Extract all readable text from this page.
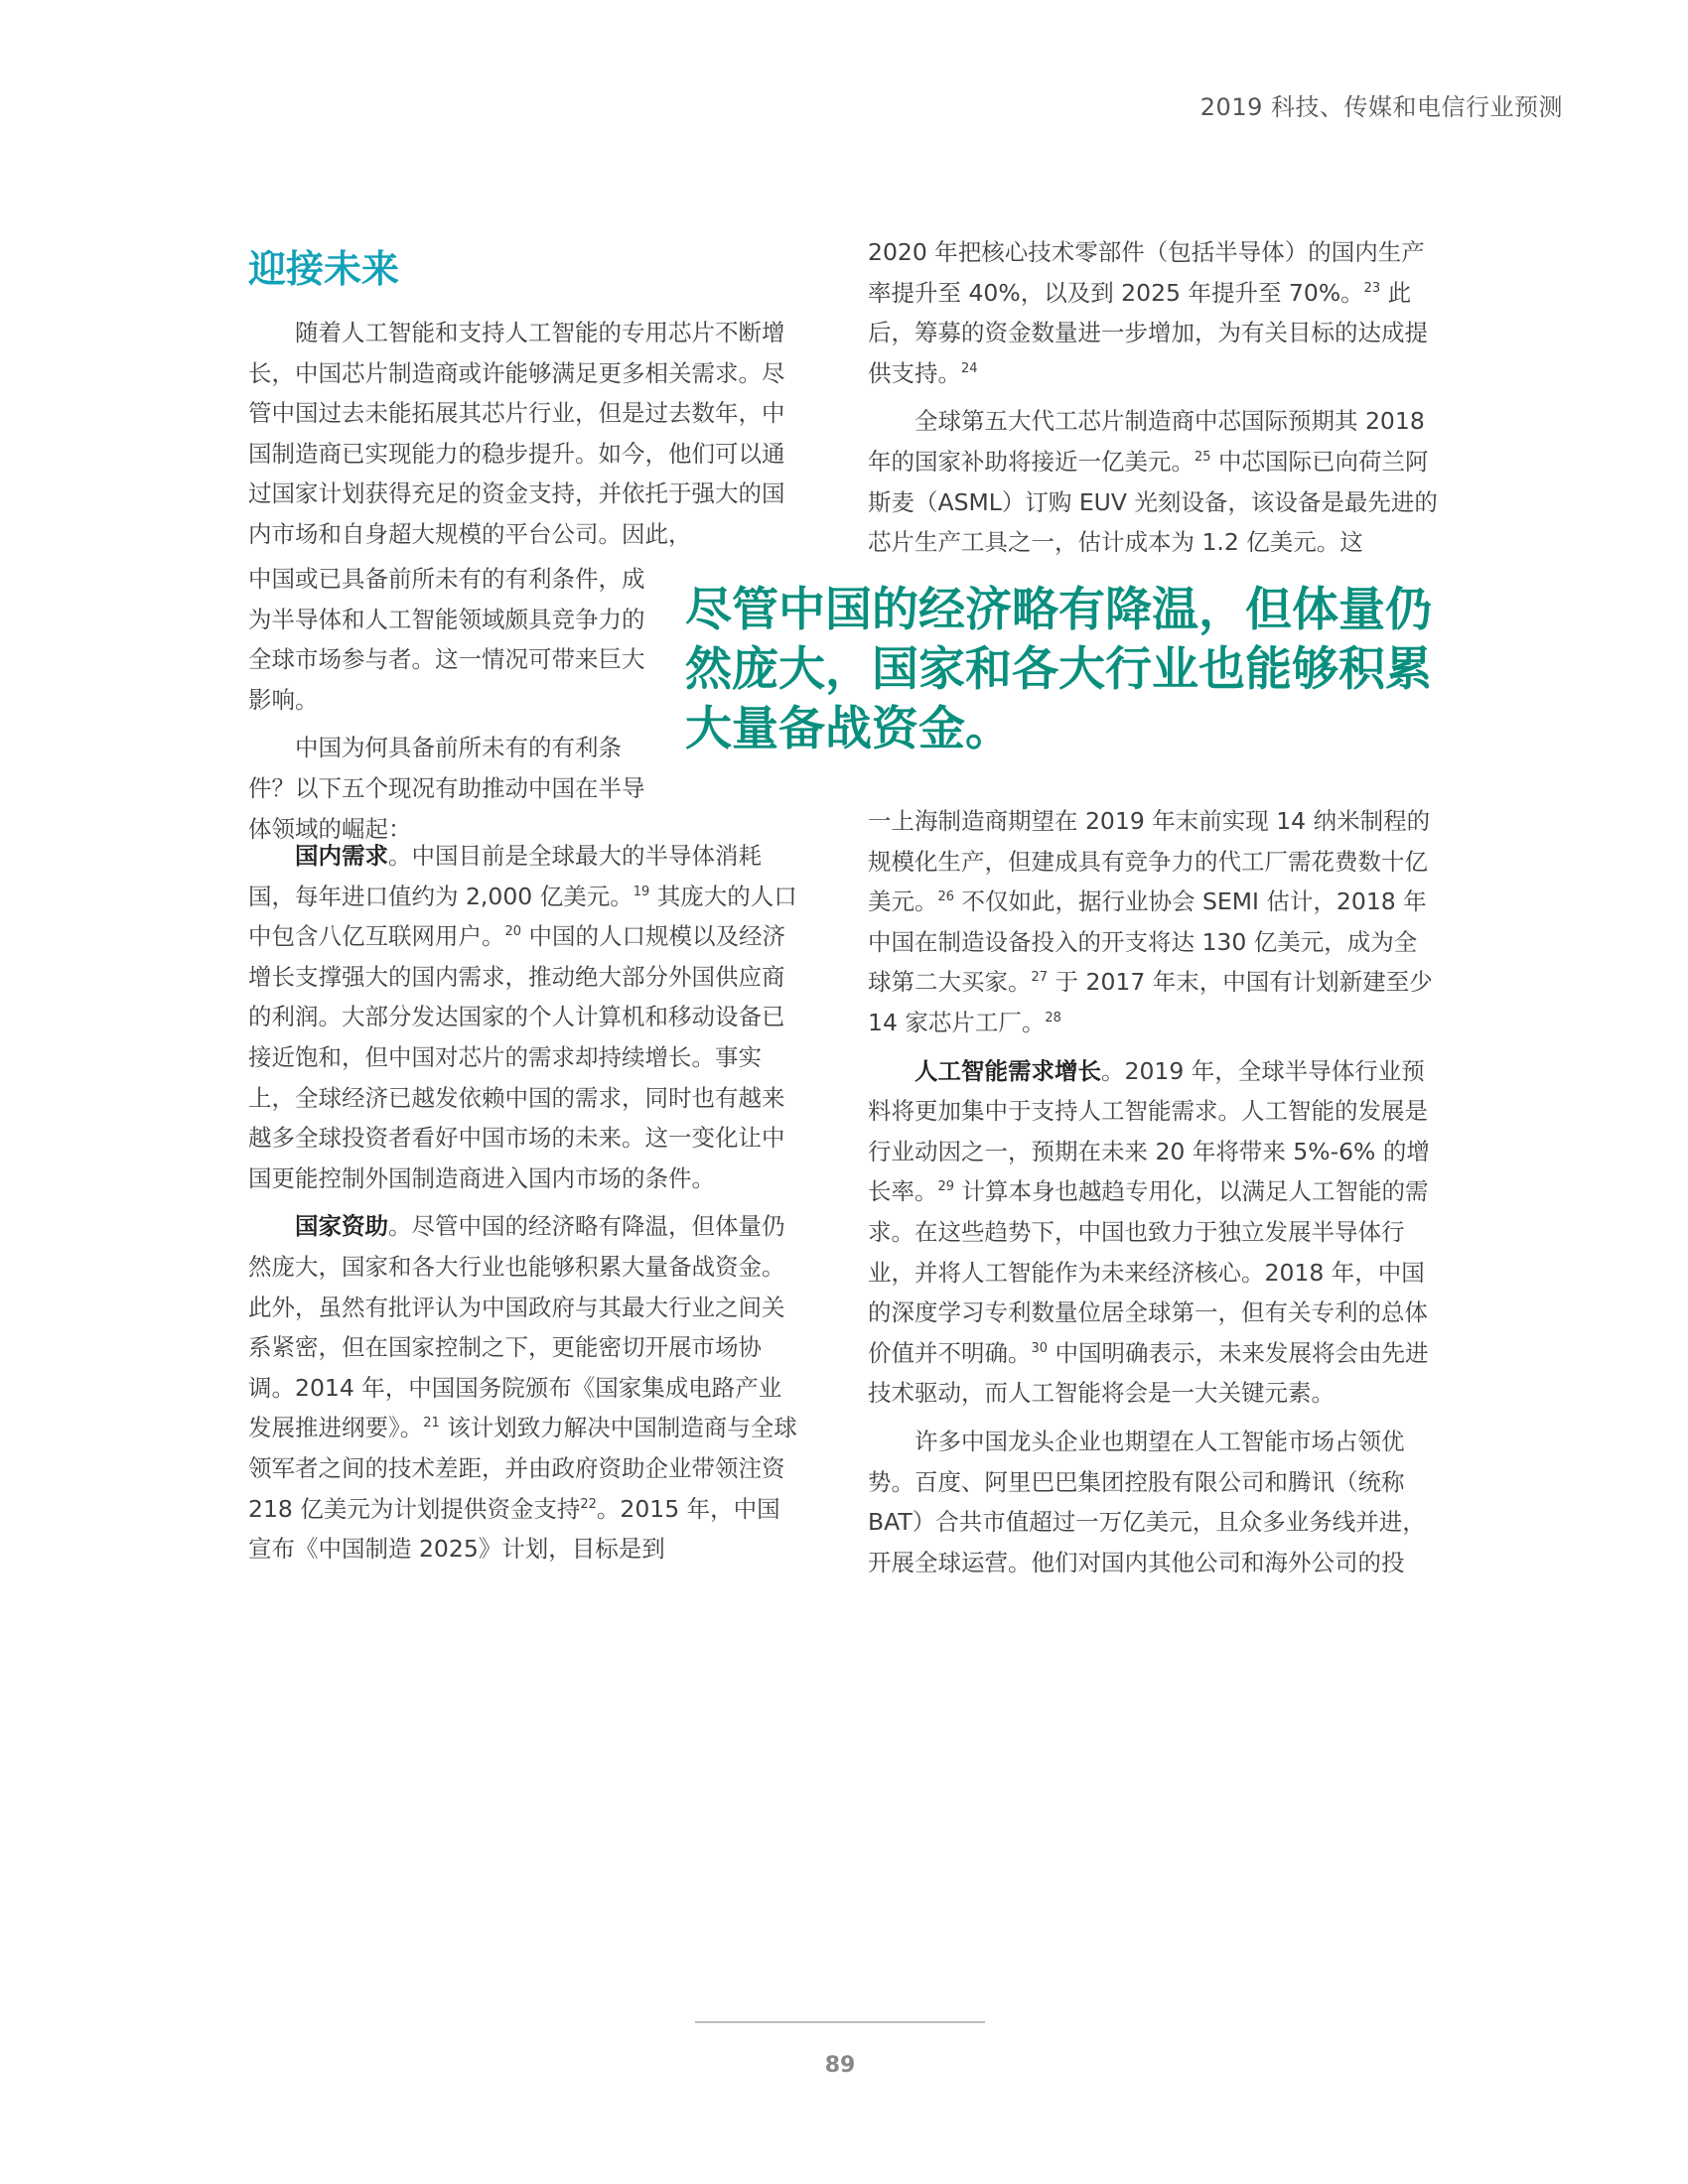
2019 科技、传媒和电信行业预测
迎接未来

随着人工智能和支持人工智能的专用芯片不断增长，中国芯片制造商或许能够满足更多相关需求。尽管中国过去未能拓展其芯片行业，但是过去数年，中国制造商已实现能力的稳步提升。如今，他们可以通过国家计划获得充足的资金支持，并依托于强大的国内市场和自身超大规模的平台公司。因此，

中国或已具备前所未有的有利条件，成为半导体和人工智能领域颇具竞争力的全球市场参与者。这一情况可带来巨大影响。

中国为何具备前所未有的有利条件？以下五个现况有助推动中国在半导体领域的崛起：

国内需求。中国目前是全球最大的半导体消耗国，每年进口值约为 2,000 亿美元。$^{19}$ 其庞大的人口中包含八亿互联网用户。$^{20}$ 中国的人口规模以及经济增长支撑强大的国内需求，推动绝大部分外国供应商的利润。大部分发达国家的个人计算机和移动设备已接近饱和，但中国对芯片的需求却持续增长。事实上，全球经济已越发依赖中国的需求，同时也有越来越多全球投资者看好中国市场的未来。这一变化让中国更能控制外国制造商进入国内市场的条件。

国家资助。尽管中国的经济略有降温，但体量仍然庞大，国家和各大行业也能够积累大量备战资金。此外，虽然有批评认为中国政府与其最大行业之间关系紧密，但在国家控制之下，更能密切开展市场协调。2014 年，中国国务院颁布《国家集成电路产业发展推进纲要》。$^{21}$ 该计划致力解决中国制造商与全球领军者之间的技术差距，并由政府资助企业带领注资 218 亿美元为计划提供资金支持$^{22}$。2015 年，中国宣布《中国制造 2025》计划，目标是到

2020 年把核心技术零部件（包括半导体）的国内生产率提升至 40%，以及到 2025 年提升至 70%。$^{23}$ 此后，筹募的资金数量进一步增加，为有关目标的达成提供支持。$^{24}$

全球第五大代工芯片制造商中芯国际预期其 2018 年的国家补助将接近一亿美元。$^{25}$ 中芯国际已向荷兰阿斯麦（ASML）订购 EUV 光刻设备，该设备是最先进的芯片生产工具之一，估计成本为 1.2 亿美元。这

尽管中国的经济略有降温，但体量仍然庞大，国家和各大行业也能够积累大量备战资金。

一上海制造商期望在 2019 年末前实现 14 纳米制程的规模化生产，但建成具有竞争力的代工厂需花费数十亿美元。$^{26}$ 不仅如此，据行业协会 SEMI 估计，2018 年中国在制造设备投入的开支将达 130 亿美元，成为全球第二大买家。$^{27}$ 于 2017 年末，中国有计划新建至少 14 家芯片工厂。$^{28}$

人工智能需求增长。2019 年，全球半导体行业预料将更加集中于支持人工智能需求。人工智能的发展是行业动因之一，预期在未来 20 年将带来 5%-6% 的增长率。$^{29}$ 计算本身也越趋专用化，以满足人工智能的需求。在这些趋势下，中国也致力于独立发展半导体行业，并将人工智能作为未来经济核心。2018 年，中国的深度学习专利数量位居全球第一，但有关专利的总体价值并不明确。$^{30}$ 中国明确表示，未来发展将会由先进技术驱动，而人工智能将会是一大关键元素。

许多中国龙头企业也期望在人工智能市场占领优势。百度、阿里巴巴集团控股有限公司和腾讯（统称 BAT）合共市值超过一万亿美元，且众多业务线并进，开展全球运营。他们对国内其他公司和海外公司的投

89
